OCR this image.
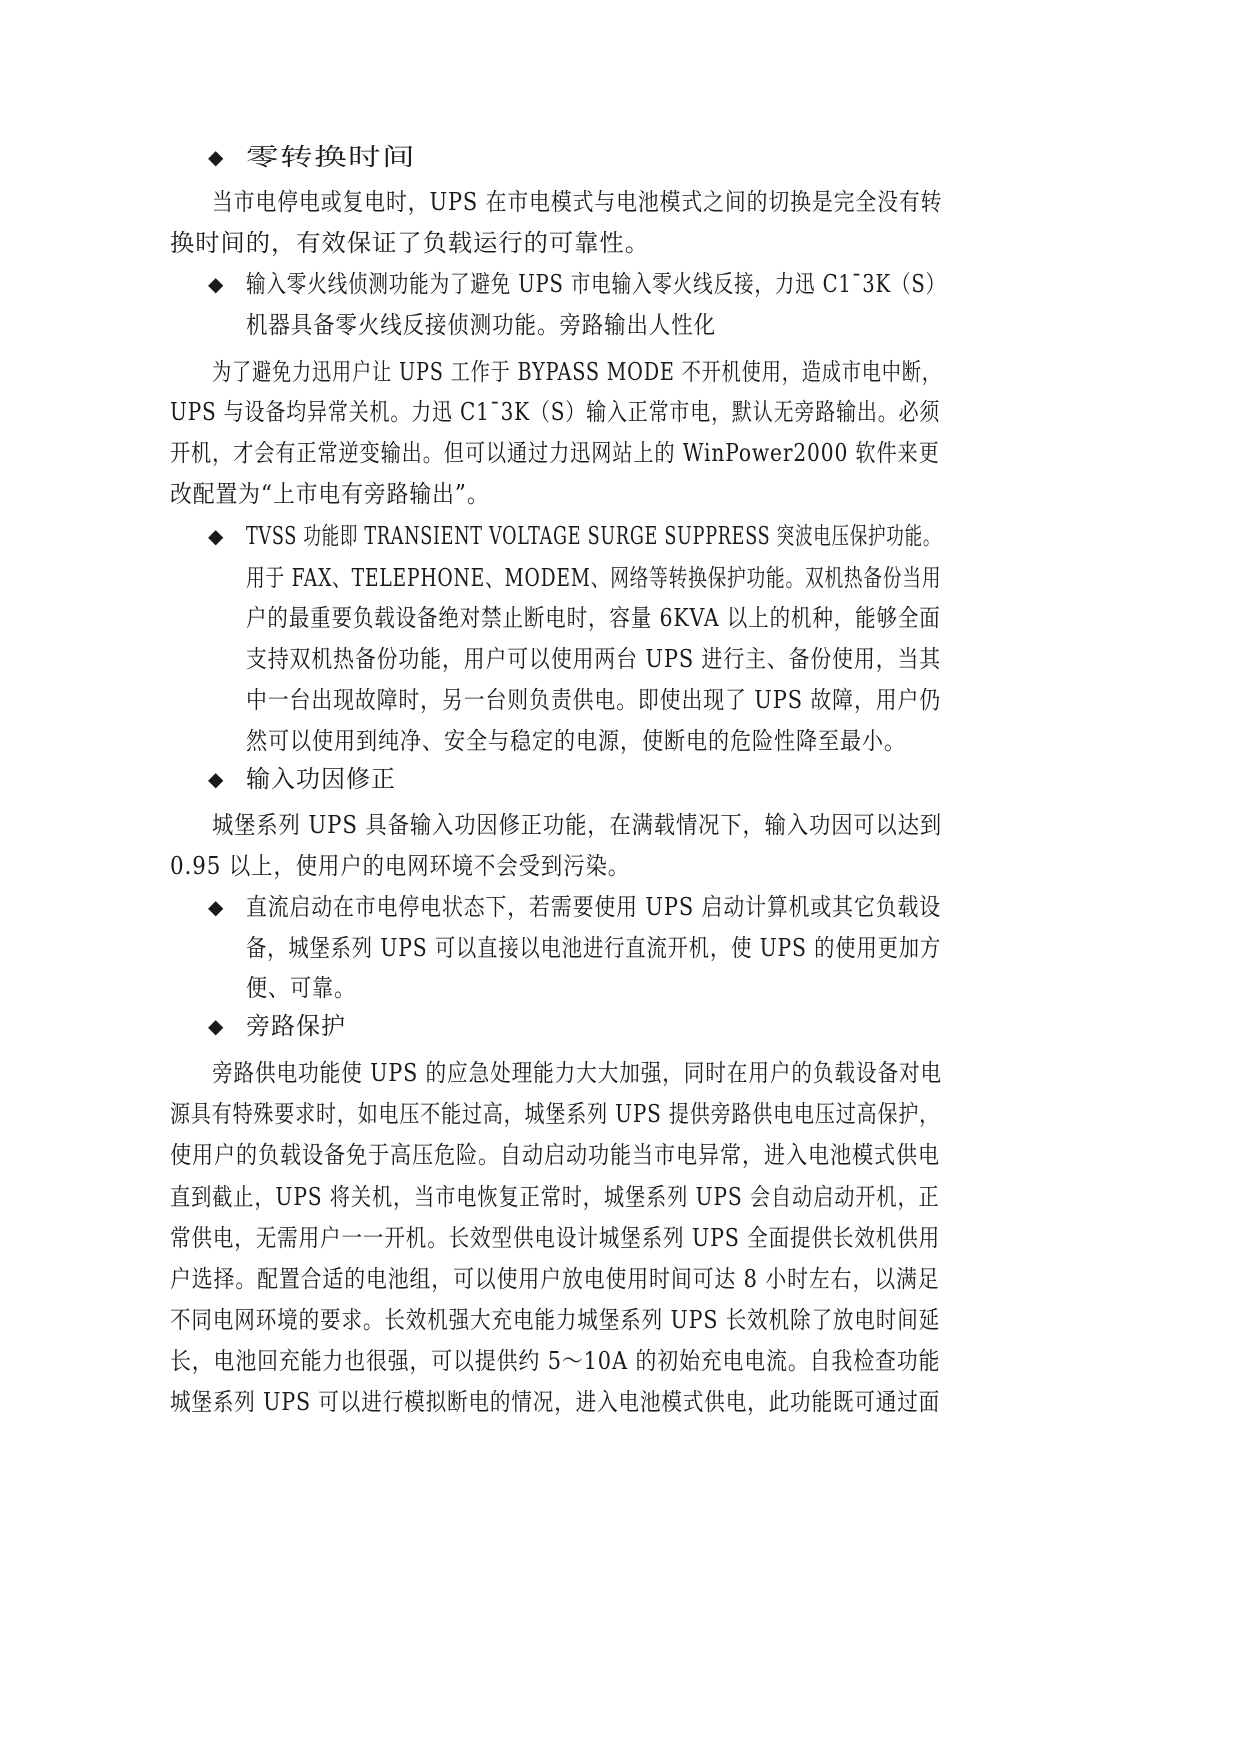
◆ 零转换时间
当市电停电或复电时，UPS 在市电模式与电池模式之间的切换是完全没有转
换时间的，有效保证了负载运行的可靠性。
◆ 输入零火线侦测功能为了避免 UPS 市电输入零火线反接，力迅 C1¯3K（S）
机器具备零火线反接侦测功能。旁路输出人性化
为了避免力迅用户让 UPS 工作于 BYPASS MODE 不开机使用，造成市电中断，
UPS 与设备均异常关机。力迅 C1¯3K（S）输入正常市电，默认无旁路输出。必须
开机，才会有正常逆变输出。但可以通过力迅网站上的 WinPower2000 软件来更
改配置为“上市电有旁路输出”。
◆ TVSS 功能即 TRANSIENT VOLTAGE SURGE SUPPRESS 突波电压保护功能。
用于 FAX、TELEPHONE、MODEM、网络等转换保护功能。双机热备份当用
户的最重要负载设备绝对禁止断电时，容量 6KVA 以上的机种，能够全面
支持双机热备份功能，用户可以使用两台 UPS 进行主、备份使用，当其
中一台出现故障时，另一台则负责供电。即使出现了 UPS 故障，用户仍
然可以使用到纯净、安全与稳定的电源，使断电的危险性降至最小。
◆ 输入功因修正
城堡系列 UPS 具备输入功因修正功能，在满载情况下，输入功因可以达到
0.95 以上，使用户的电网环境不会受到污染。
◆ 直流启动在市电停电状态下，若需要使用 UPS 启动计算机或其它负载设
备，城堡系列 UPS 可以直接以电池进行直流开机，使 UPS 的使用更加方
便、可靠。
◆ 旁路保护
旁路供电功能使 UPS 的应急处理能力大大加强，同时在用户的负载设备对电
源具有特殊要求时，如电压不能过高，城堡系列 UPS 提供旁路供电电压过高保护，
使用户的负载设备免于高压危险。自动启动功能当市电异常，进入电池模式供电
直到截止，UPS 将关机，当市电恢复正常时，城堡系列 UPS 会自动启动开机，正
常供电，无需用户一一开机。长效型供电设计城堡系列 UPS 全面提供长效机供用
户选择。配置合适的电池组，可以使用户放电使用时间可达 8 小时左右，以满足
不同电网环境的要求。长效机强大充电能力城堡系列 UPS 长效机除了放电时间延
长，电池回充能力也很强，可以提供约 5～10A 的初始充电电流。自我检查功能
城堡系列 UPS 可以进行模拟断电的情况，进入电池模式供电，此功能既可通过面
